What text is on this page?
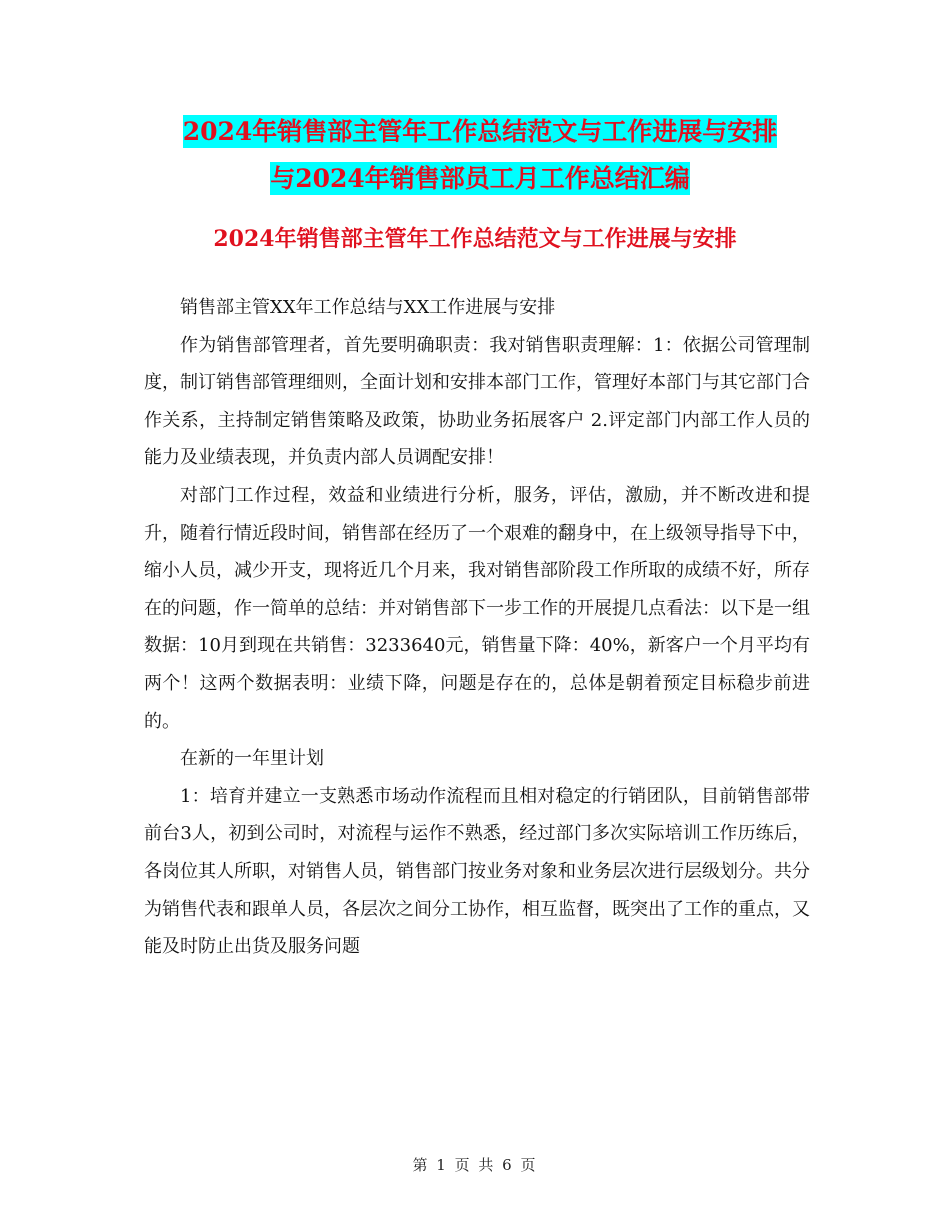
2024年销售部主管年工作总结范文与工作进展与安排
与2024年销售部员工月工作总结汇编
2024年销售部主管年工作总结范文与工作进展与安排

销售部主管XX年工作总结与XX工作进展与安排

作为销售部管理者，首先要明确职责：我对销售职责理解：1：依据公司管理制度，制订销售部管理细则，全面计划和安排本部门工作，管理好本部门与其它部门合作关系，主持制定销售策略及政策，协助业务拓展客户 2.评定部门内部工作人员的能力及业绩表现，并负责内部人员调配安排！

对部门工作过程，效益和业绩进行分析，服务，评估，激励，并不断改进和提升，随着行情近段时间，销售部在经历了一个艰难的翻身中，在上级领导指导下中，缩小人员，减少开支，现将近几个月来，我对销售部阶段工作所取的成绩不好，所存在的问题，作一简单的总结：并对销售部下一步工作的开展提几点看法：以下是一组数据：10月到现在共销售：3233640元，销售量下降：40%，新客户一个月平均有两个！这两个数据表明：业绩下降，问题是存在的，总体是朝着预定目标稳步前进的。

在新的一年里计划

1：培育并建立一支熟悉市场动作流程而且相对稳定的行销团队，目前销售部带前台3人，初到公司时，对流程与运作不熟悉，经过部门多次实际培训工作历练后，各岗位其人所职，对销售人员，销售部门按业务对象和业务层次进行层级划分。共分为销售代表和跟单人员，各层次之间分工协作，相互监督，既突出了工作的重点，又能及时防止出货及服务问题

第 1 页 共 6 页
